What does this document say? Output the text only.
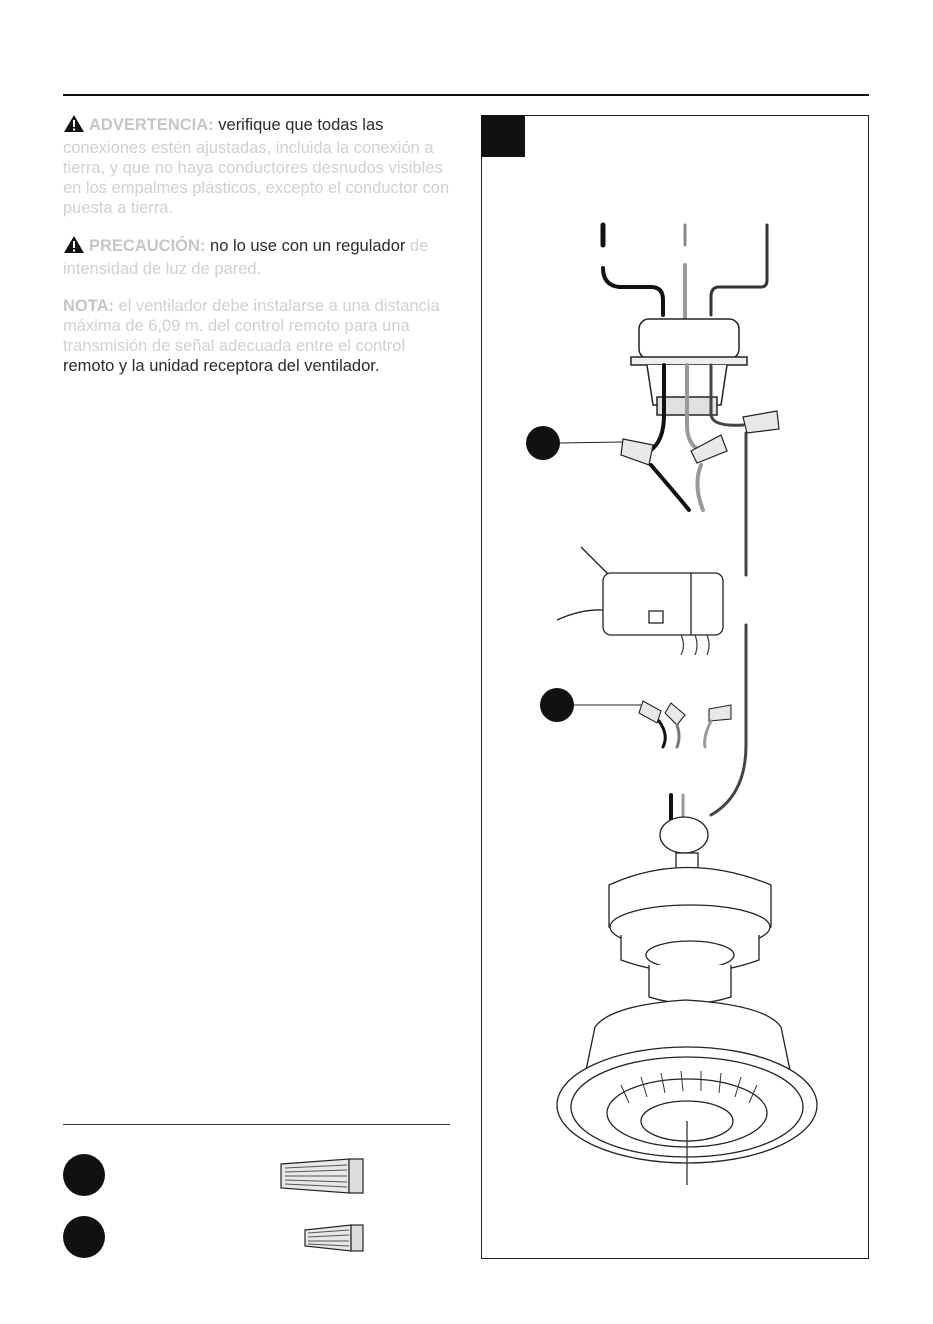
ADVERTENCIA: verifique que todas las conexiones estén ajustadas, incluida la conexión a tierra, y que no haya conductores desnudos visibles en los empalmes plásticos, excepto el conductor con puesta a tierra.

PRECAUCIÓN: no lo use con un regulador de intensidad de luz de pared.

NOTA: el ventilador debe instalarse a una distancia máxima de 6,09 m. del control remoto para una transmisión de señal adecuada entre el control remoto y la unidad receptora del ventilador.
